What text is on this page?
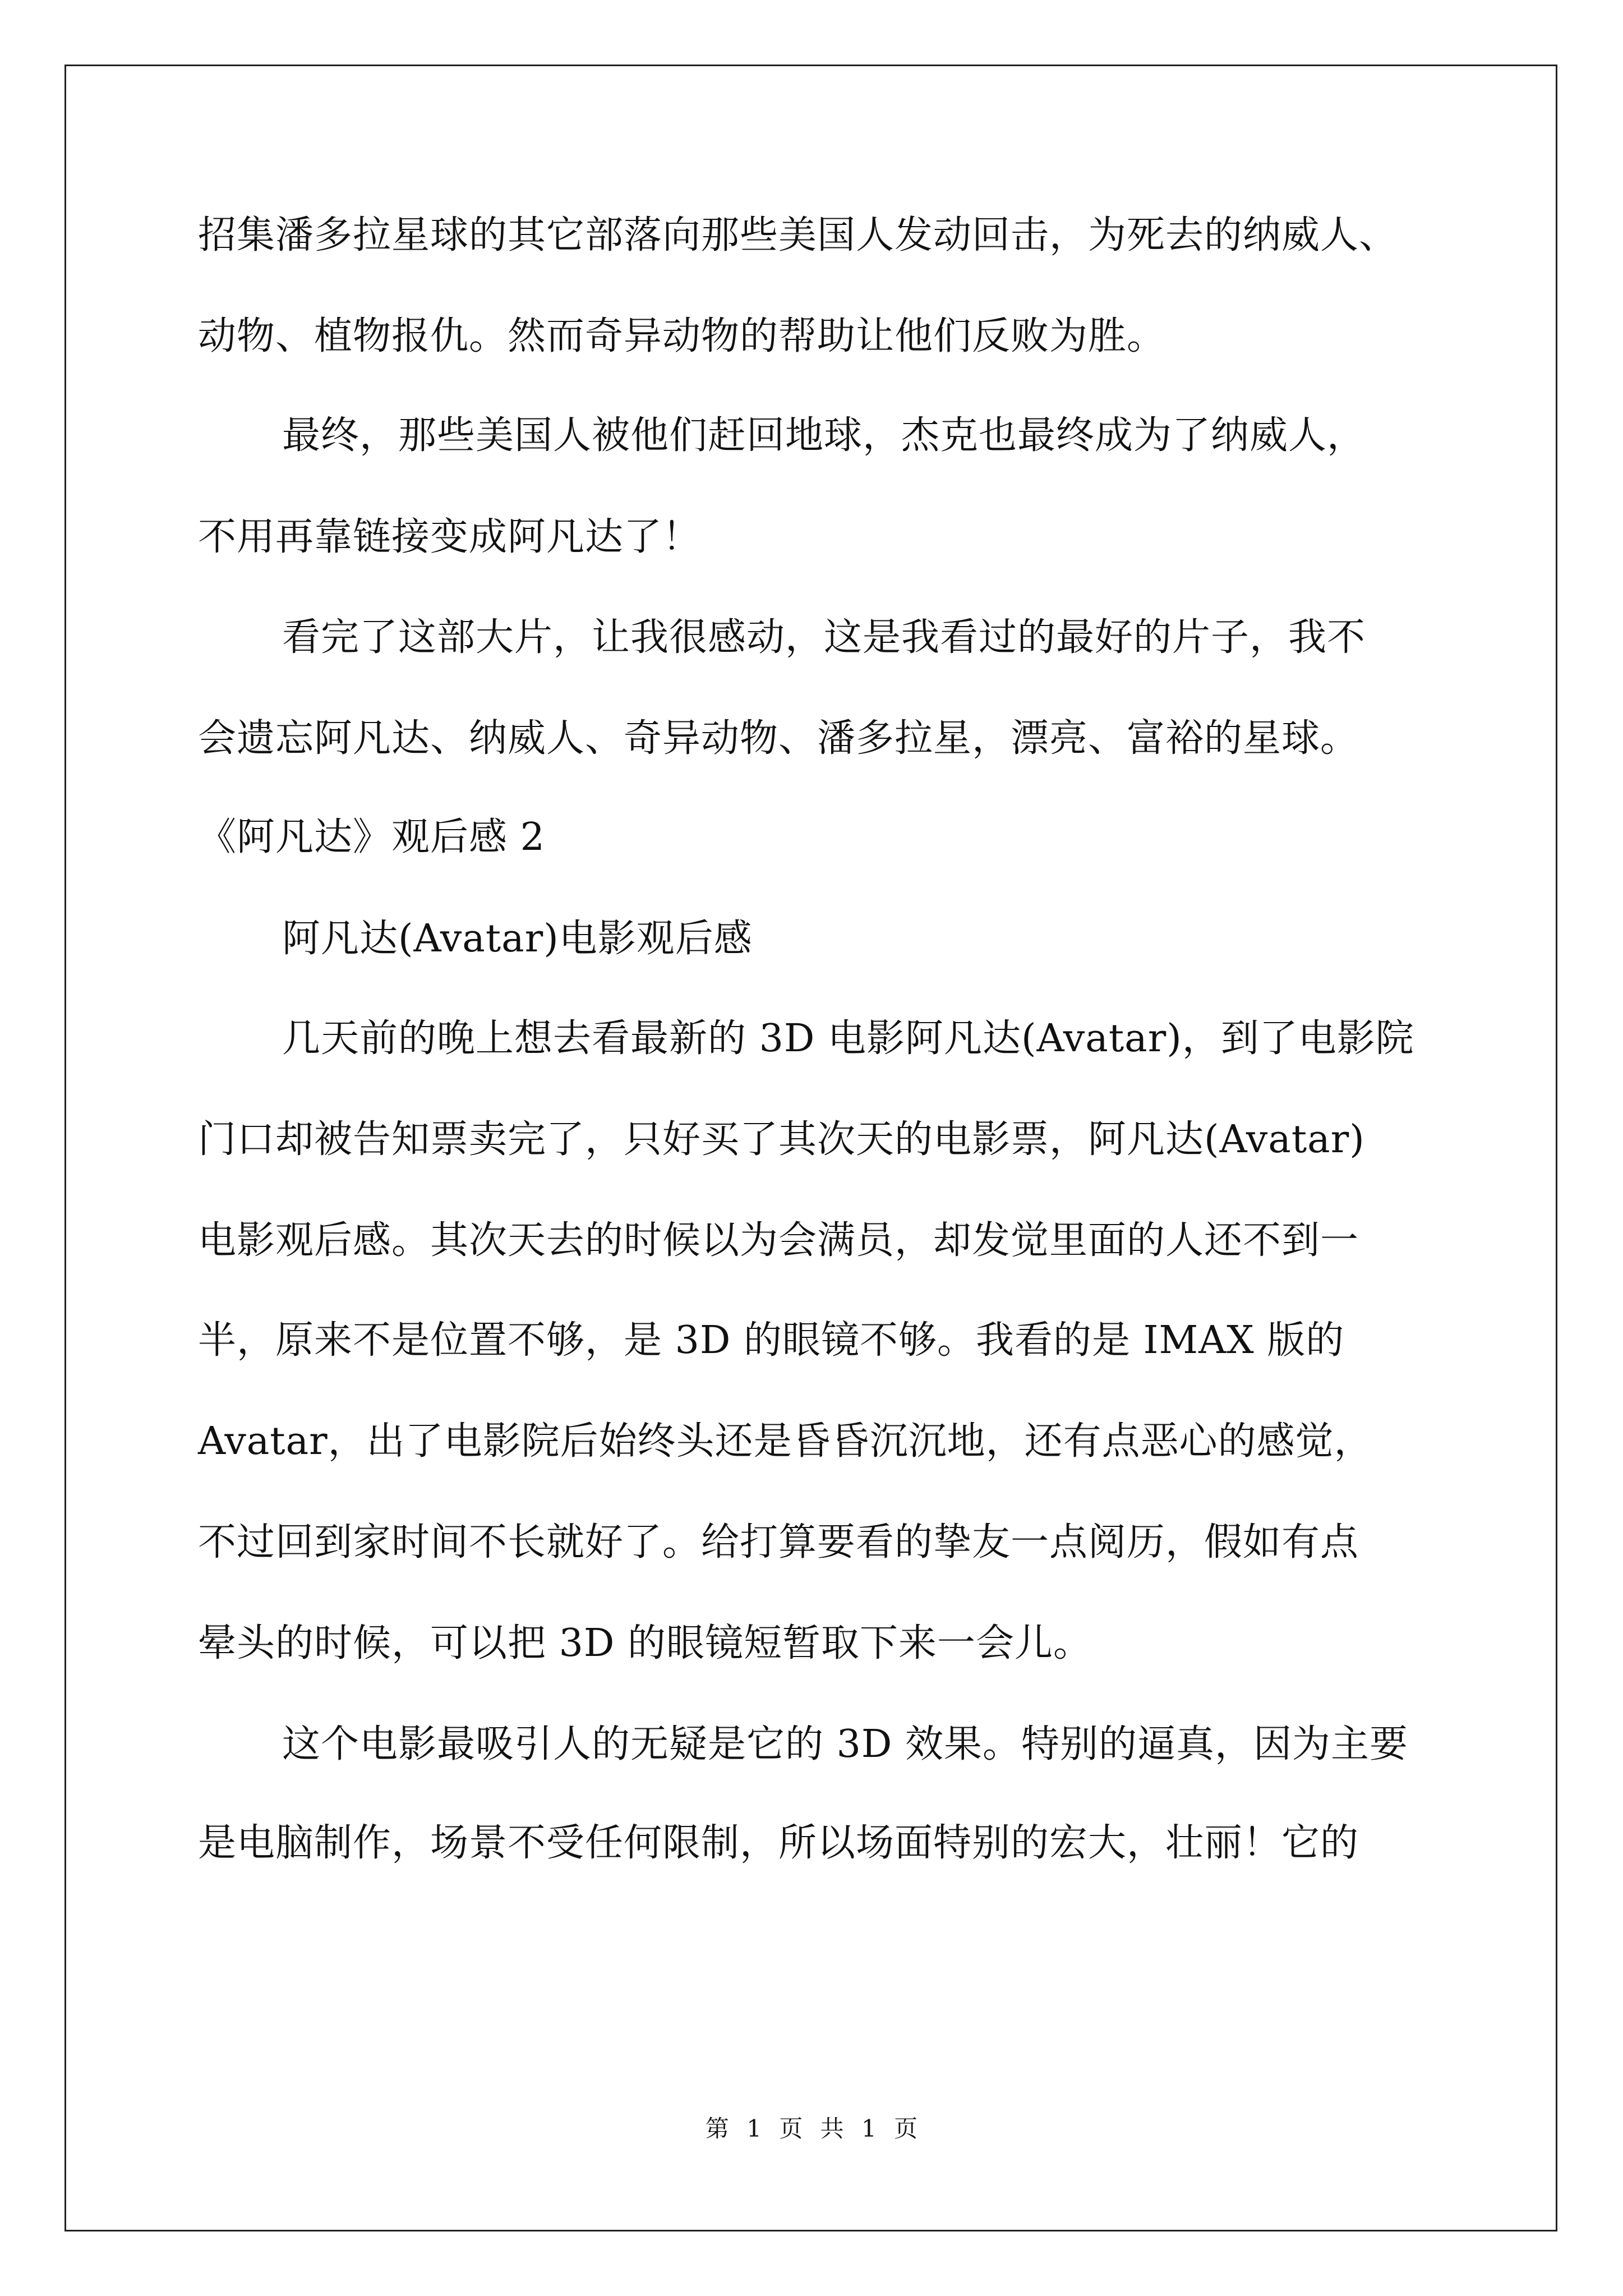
招集潘多拉星球的其它部落向那些美国人发动回击，为死去的纳威人、
动物、植物报仇。然而奇异动物的帮助让他们反败为胜。
最终，那些美国人被他们赶回地球，杰克也最终成为了纳威人，
不用再靠链接变成阿凡达了！
看完了这部大片，让我很感动，这是我看过的最好的片子，我不
会遗忘阿凡达、纳威人、奇异动物、潘多拉星，漂亮、富裕的星球。
《阿凡达》观后感 2
阿凡达(Avatar)电影观后感
几天前的晚上想去看最新的 3D 电影阿凡达(Avatar)，到了电影院
门口却被告知票卖完了，只好买了其次天的电影票，阿凡达(Avatar)
电影观后感。其次天去的时候以为会满员，却发觉里面的人还不到一
半，原来不是位置不够，是 3D 的眼镜不够。我看的是 IMAX 版的
Avatar，出了电影院后始终头还是昏昏沉沉地，还有点恶心的感觉，
不过回到家时间不长就好了。给打算要看的挚友一点阅历，假如有点
晕头的时候，可以把 3D 的眼镜短暂取下来一会儿。
这个电影最吸引人的无疑是它的 3D 效果。特别的逼真，因为主要
是电脑制作，场景不受任何限制，所以场面特别的宏大，壮丽！它的
第 1 页 共 1 页
